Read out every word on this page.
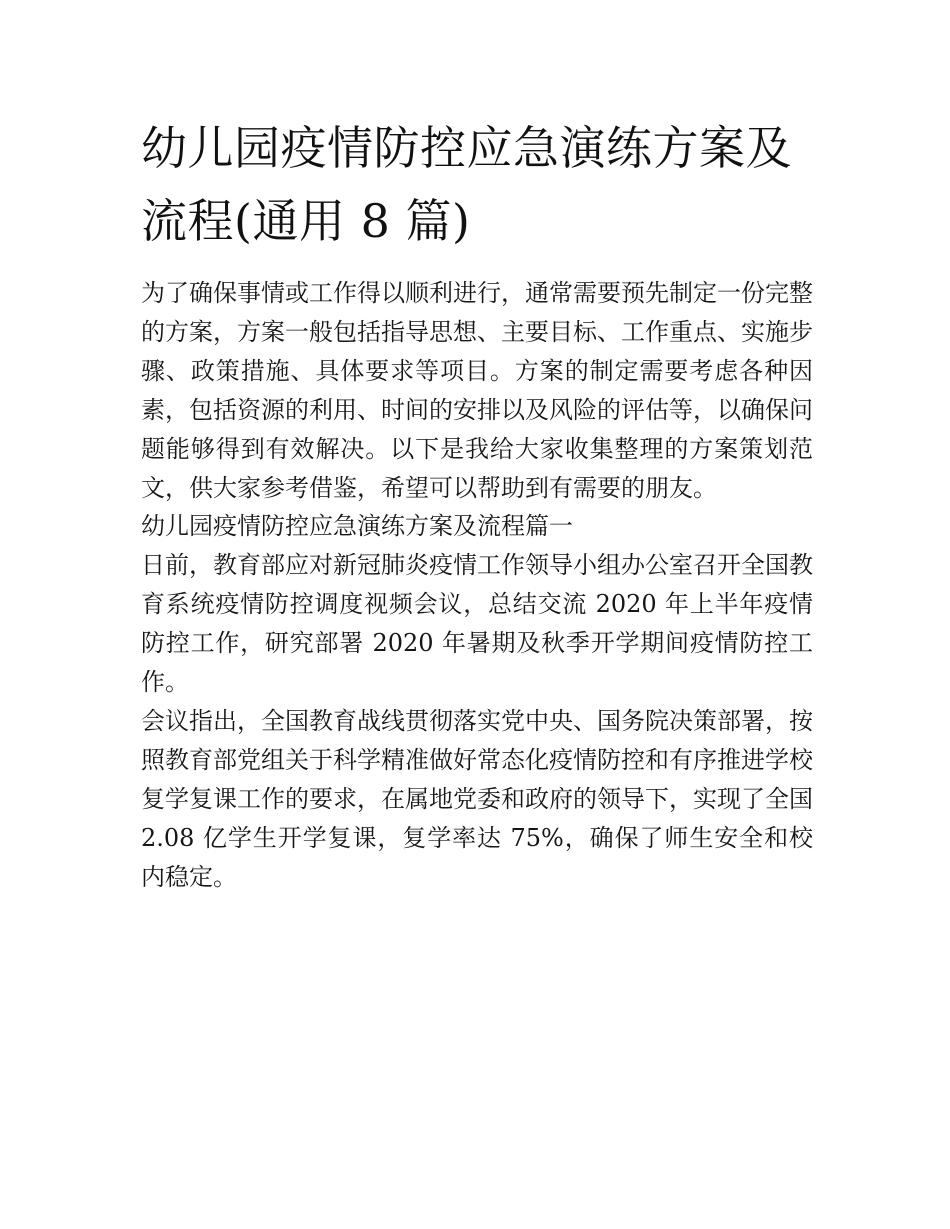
幼儿园疫情防控应急演练方案及流程(通用 8 篇)

为了确保事情或工作得以顺利进行，通常需要预先制定一份完整的方案，方案一般包括指导思想、主要目标、工作重点、实施步骤、政策措施、具体要求等项目。方案的制定需要考虑各种因素，包括资源的利用、时间的安排以及风险的评估等，以确保问题能够得到有效解决。以下是我给大家收集整理的方案策划范文，供大家参考借鉴，希望可以帮助到有需要的朋友。

幼儿园疫情防控应急演练方案及流程篇一

日前，教育部应对新冠肺炎疫情工作领导小组办公室召开全国教育系统疫情防控调度视频会议，总结交流 2020 年上半年疫情防控工作，研究部署 2020 年暑期及秋季开学期间疫情防控工作。

会议指出，全国教育战线贯彻落实党中央、国务院决策部署，按照教育部党组关于科学精准做好常态化疫情防控和有序推进学校复学复课工作的要求，在属地党委和政府的领导下，实现了全国 2.08 亿学生开学复课，复学率达 75%，确保了师生安全和校内稳定。
